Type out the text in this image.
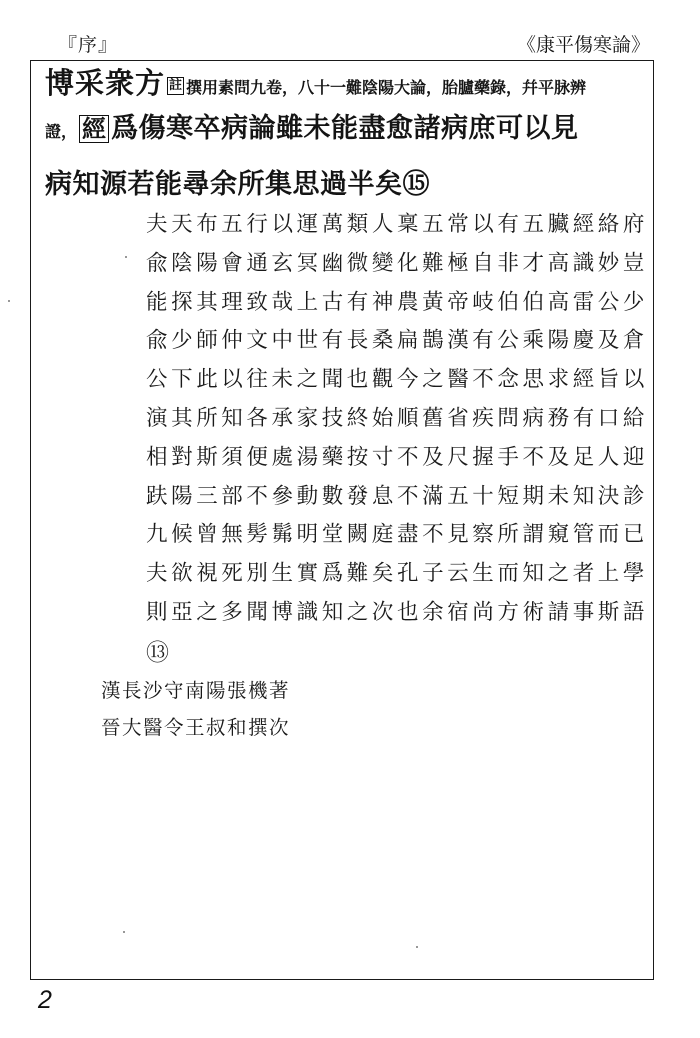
『序』	《康平傷寒論》
博采衆方 註 撰用素問九卷，八十一難陰陽大論，胎臚藥錄，幷平脉辨
證， 經 爲傷寒卒病論雖未能盡愈諸病庶可以見
病知源若能尋余所集思過半矣⑮
夫天布五行以運萬類人稟五常以有五臟經絡府
兪陰陽會通玄冥幽微變化難極自非才高識妙豈
能探其理致哉上古有神農黃帝岐伯伯高雷公少
兪少師仲文中世有長桑扁鵲漢有公乘陽慶及倉
公下此以往未之聞也觀今之醫不念思求經旨以
演其所知各承家技終始順舊省疾問病務有口給
相對斯須便處湯藥按寸不及尺握手不及足人迎
趺陽三部不參動數發息不滿五十短期未知決診
九候曾無髣髴明堂闕庭盡不見察所謂窺管而已
夫欲視死別生實爲難矣孔子云生而知之者上學
則亞之多聞博識知之次也余宿尚方術請事斯語
⑬
漢長沙守南陽張機著
晉大醫令王叔和撰次
2
